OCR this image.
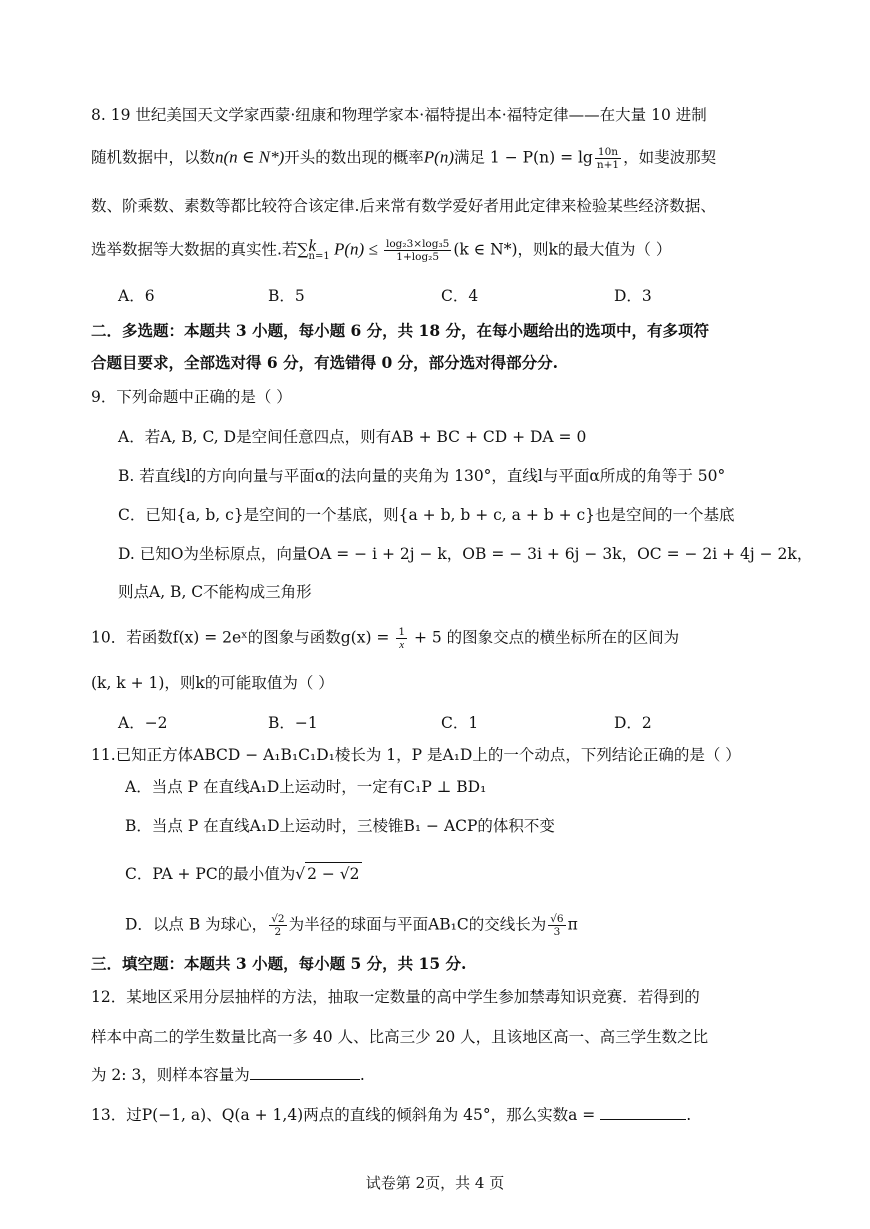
8. 19 世纪美国天文学家西蒙·纽康和物理学家本·福特提出本·福特定律——在大量 10 进制
随机数据中，以数n(n ∈ N*)开头的数出现的概率P(n)满足 $1 - P(n) = \lg \frac{10n}{n+1}$ ，如斐波那契
数、阶乘数、素数等都比较符合该定律.后来常有数学爱好者用此定律来检验某些经济数据、
选举数据等大数据的真实性.若∑ k
n=1 $P(n) \le \frac{\text{log₂3×log₃5}}{\text{1+log₂5}} (k$ ∈ N*)，则k的最大值为（ ）
A．6	B．5	C．4	D．3
二．多选题：本题共 3 小题，每小题 6 分，共 18 分，在每小题给出的选项中，有多项符
合题目要求，全部选对得 6 分，有选错得 0 分，部分选对得部分分.
9．下列命题中正确的是（ ）
A．若A, B, C, D是空间任意四点，则有AB + BC + CD + DA = 0
B. 若直线l的方向向量与平面α的法向量的夹角为 130°，直线l与平面α所成的角等于 50°
C．已知{a, b, c}是空间的一个基底，则{a + b, b + c, a + b + c}也是空间的一个基底
D. 已知O为坐标原点，向量OA = − i + 2j − k，OB = − 3i + 6j − 3k，OC = − 2i + 4j − 2k，
则点A, B, C不能构成三角形
10．若函数f(x) = 2eˣ的图象与函数$g(x) = \frac{1}{x} + 5$ 的图象交点的横坐标所在的区间为
(k, k + 1)，则k的可能取值为（ ）
A．−2	B．−1	C．1	D．2
11.已知正方体ABCD − A₁B₁C₁D₁棱长为 1，P 是A₁D上的一个动点，下列结论正确的是（ ）
A．当点 P 在直线A₁D上运动时，一定有C₁P ⊥ BD₁
B．当点 P 在直线A₁D上运动时，三棱锥B₁ − ACP的体积不变
C．PA + PC的最小值为√ 2 − √2
D．以点 B 为球心， $\frac{√2}{2}$ 为半径的球面与平面AB₁C的交线长为 $\frac{√6}{3}$ π
三．填空题：本题共 3 小题，每小题 5 分，共 15 分.
12．某地区采用分层抽样的方法，抽取一定数量的高中学生参加禁毒知识竞赛．若得到的
样本中高二的学生数量比高一多 40 人、比高三少 20 人，且该地区高一、高三学生数之比
为 2: 3，则样本容量为	.
13．过P(−1, a)、Q(a + 1,4)两点的直线的倾斜角为 45°，那么实数a =	.
试卷第 2页，共 4 页
